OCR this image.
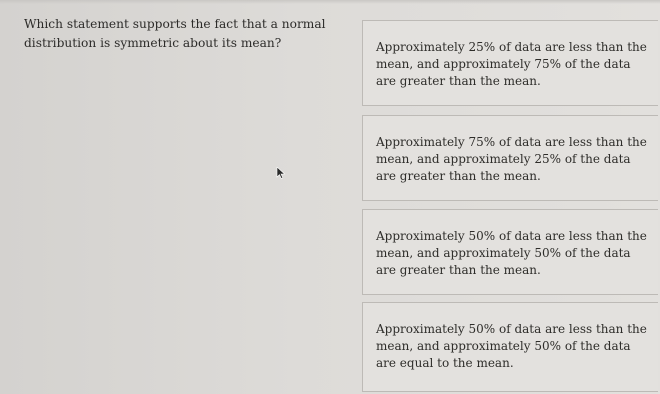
Which statement supports the fact that a normal distribution is symmetric about its mean?	Approximately 25% of data are less than the mean, and approximately 75% of the data are greater than the mean.
Approximately 75% of data are less than the mean, and approximately 25% of the data are greater than the mean.
Approximately 50% of data are less than the mean, and approximately 50% of the data are greater than the mean.
Approximately 50% of data are less than the mean, and approximately 50% of the data are equal to the mean.
